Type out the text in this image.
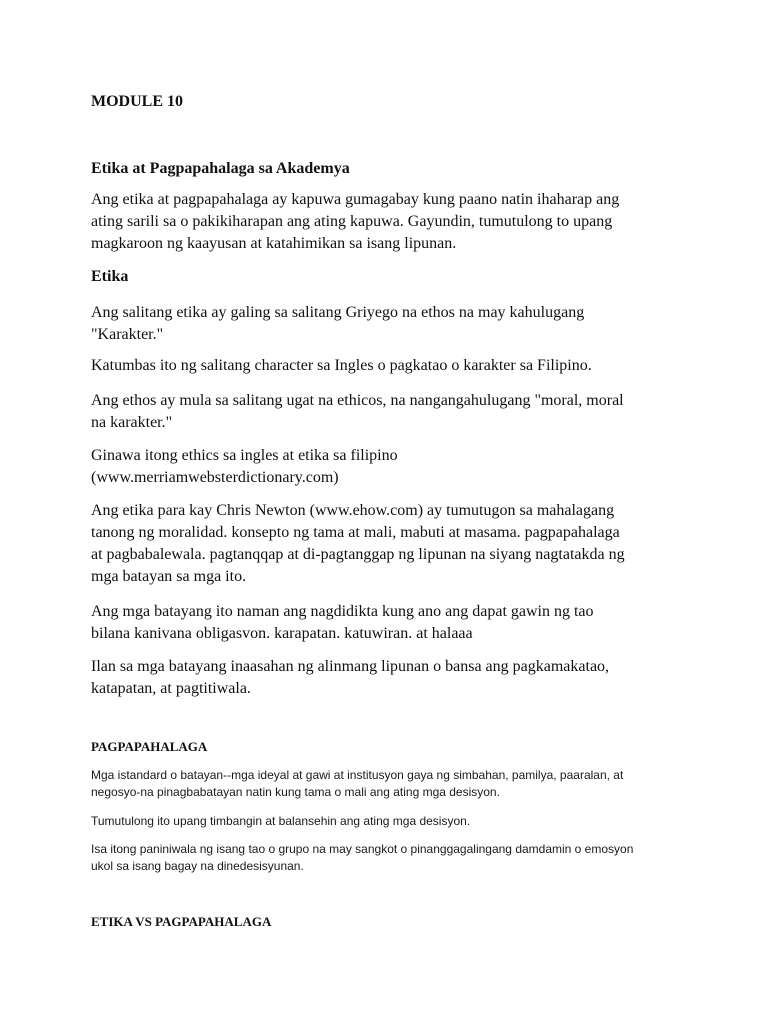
MODULE 10
Etika at Pagpapahalaga sa Akademya

Ang etika at pagpapahalaga ay kapuwa gumagabay kung paano natin ihaharap ang
ating sarili sa o pakikiharapan ang ating kapuwa. Gayundin, tumutulong to upang
magkaroon ng kaayusan at katahimikan sa isang lipunan.

Etika

Ang salitang etika ay galing sa salitang Griyego na ethos na may kahulugang
"Karakter."

Katumbas ito ng salitang character sa Ingles o pagkatao o karakter sa Filipino.

Ang ethos ay mula sa salitang ugat na ethicos, na nangangahulugang "moral, moral
na karakter."

Ginawa itong ethics sa ingles at etika sa filipino
(www.merriamwebsterdictionary.com)

Ang etika para kay Chris Newton (www.ehow.com) ay tumutugon sa mahalagang
tanong ng moralidad. konsepto ng tama at mali, mabuti at masama. pagpapahalaga
at pagbabalewala. pagtanqqap at di-pagtanggap ng lipunan na siyang nagtatakda ng
mga batayan sa mga ito.

Ang mga batayang ito naman ang nagdidikta kung ano ang dapat gawin ng tao
bilana kanivana obligasvon. karapatan. katuwiran. at halaaa

Ilan sa mga batayang inaasahan ng alinmang lipunan o bansa ang pagkamakatao,
katapatan, at pagtitiwala.

PAGPAPAHALAGA

Mga istandard o batayan--mga ideyal at gawi at institusyon gaya ng simbahan, pamilya, paaralan, at
negosyo-na pinagbabatayan natin kung tama o mali ang ating mga desisyon.

Tumutulong ito upang timbangin at balansehin ang ating mga desisyon.

Isa itong paniniwala ng isang tao o grupo na may sangkot o pinanggagalingang damdamin o emosyon
ukol sa isang bagay na dinedesisyunan.

ETIKA VS PAGPAPAHALAGA
